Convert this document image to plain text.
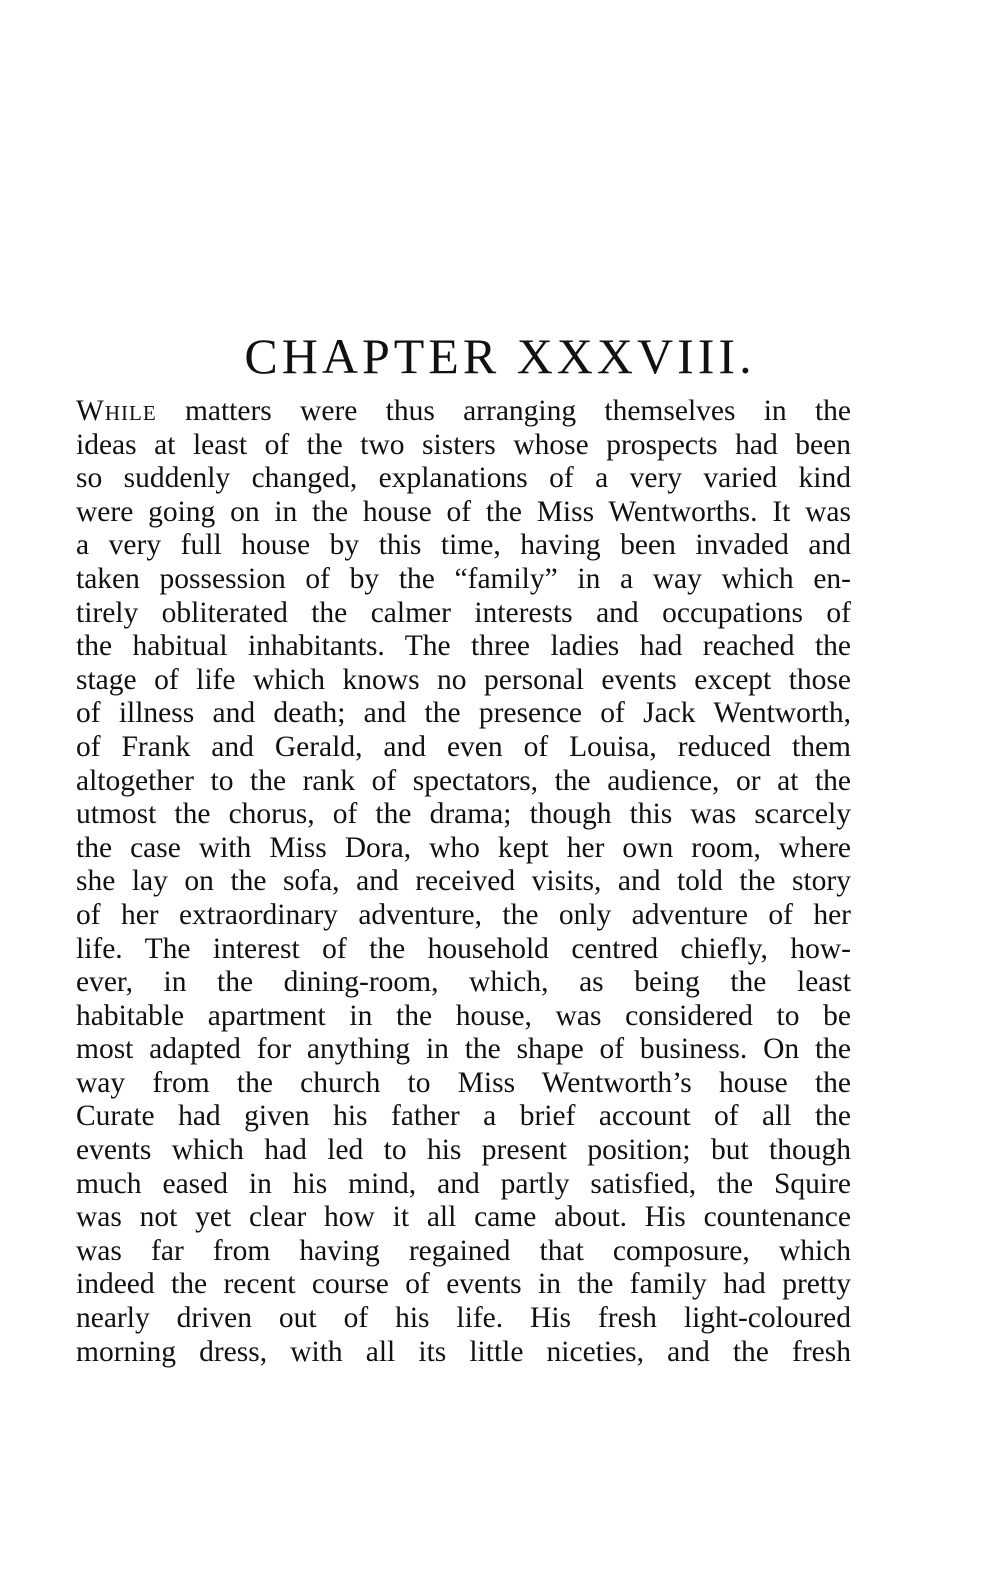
CHAPTER XXXVIII.
While matters were thus arranging themselves in the
ideas at least of the two sisters whose prospects had been
so suddenly changed, explanations of a very varied kind
were going on in the house of the Miss Wentworths. It was
a very full house by this time, having been invaded and
taken possession of by the “family” in a way which en-
tirely obliterated the calmer interests and occupations of
the habitual inhabitants. The three ladies had reached the
stage of life which knows no personal events except those
of illness and death; and the presence of Jack Wentworth,
of Frank and Gerald, and even of Louisa, reduced them
altogether to the rank of spectators, the audience, or at the
utmost the chorus, of the drama; though this was scarcely
the case with Miss Dora, who kept her own room, where
she lay on the sofa, and received visits, and told the story
of her extraordinary adventure, the only adventure of her
life. The interest of the household centred chiefly, how-
ever, in the dining-room, which, as being the least
habitable apartment in the house, was considered to be
most adapted for anything in the shape of business. On the
way from the church to Miss Wentworth’s house the
Curate had given his father a brief account of all the
events which had led to his present position; but though
much eased in his mind, and partly satisfied, the Squire
was not yet clear how it all came about. His countenance
was far from having regained that composure, which
indeed the recent course of events in the family had pretty
nearly driven out of his life. His fresh light-coloured
morning dress, with all its little niceties, and the fresh
